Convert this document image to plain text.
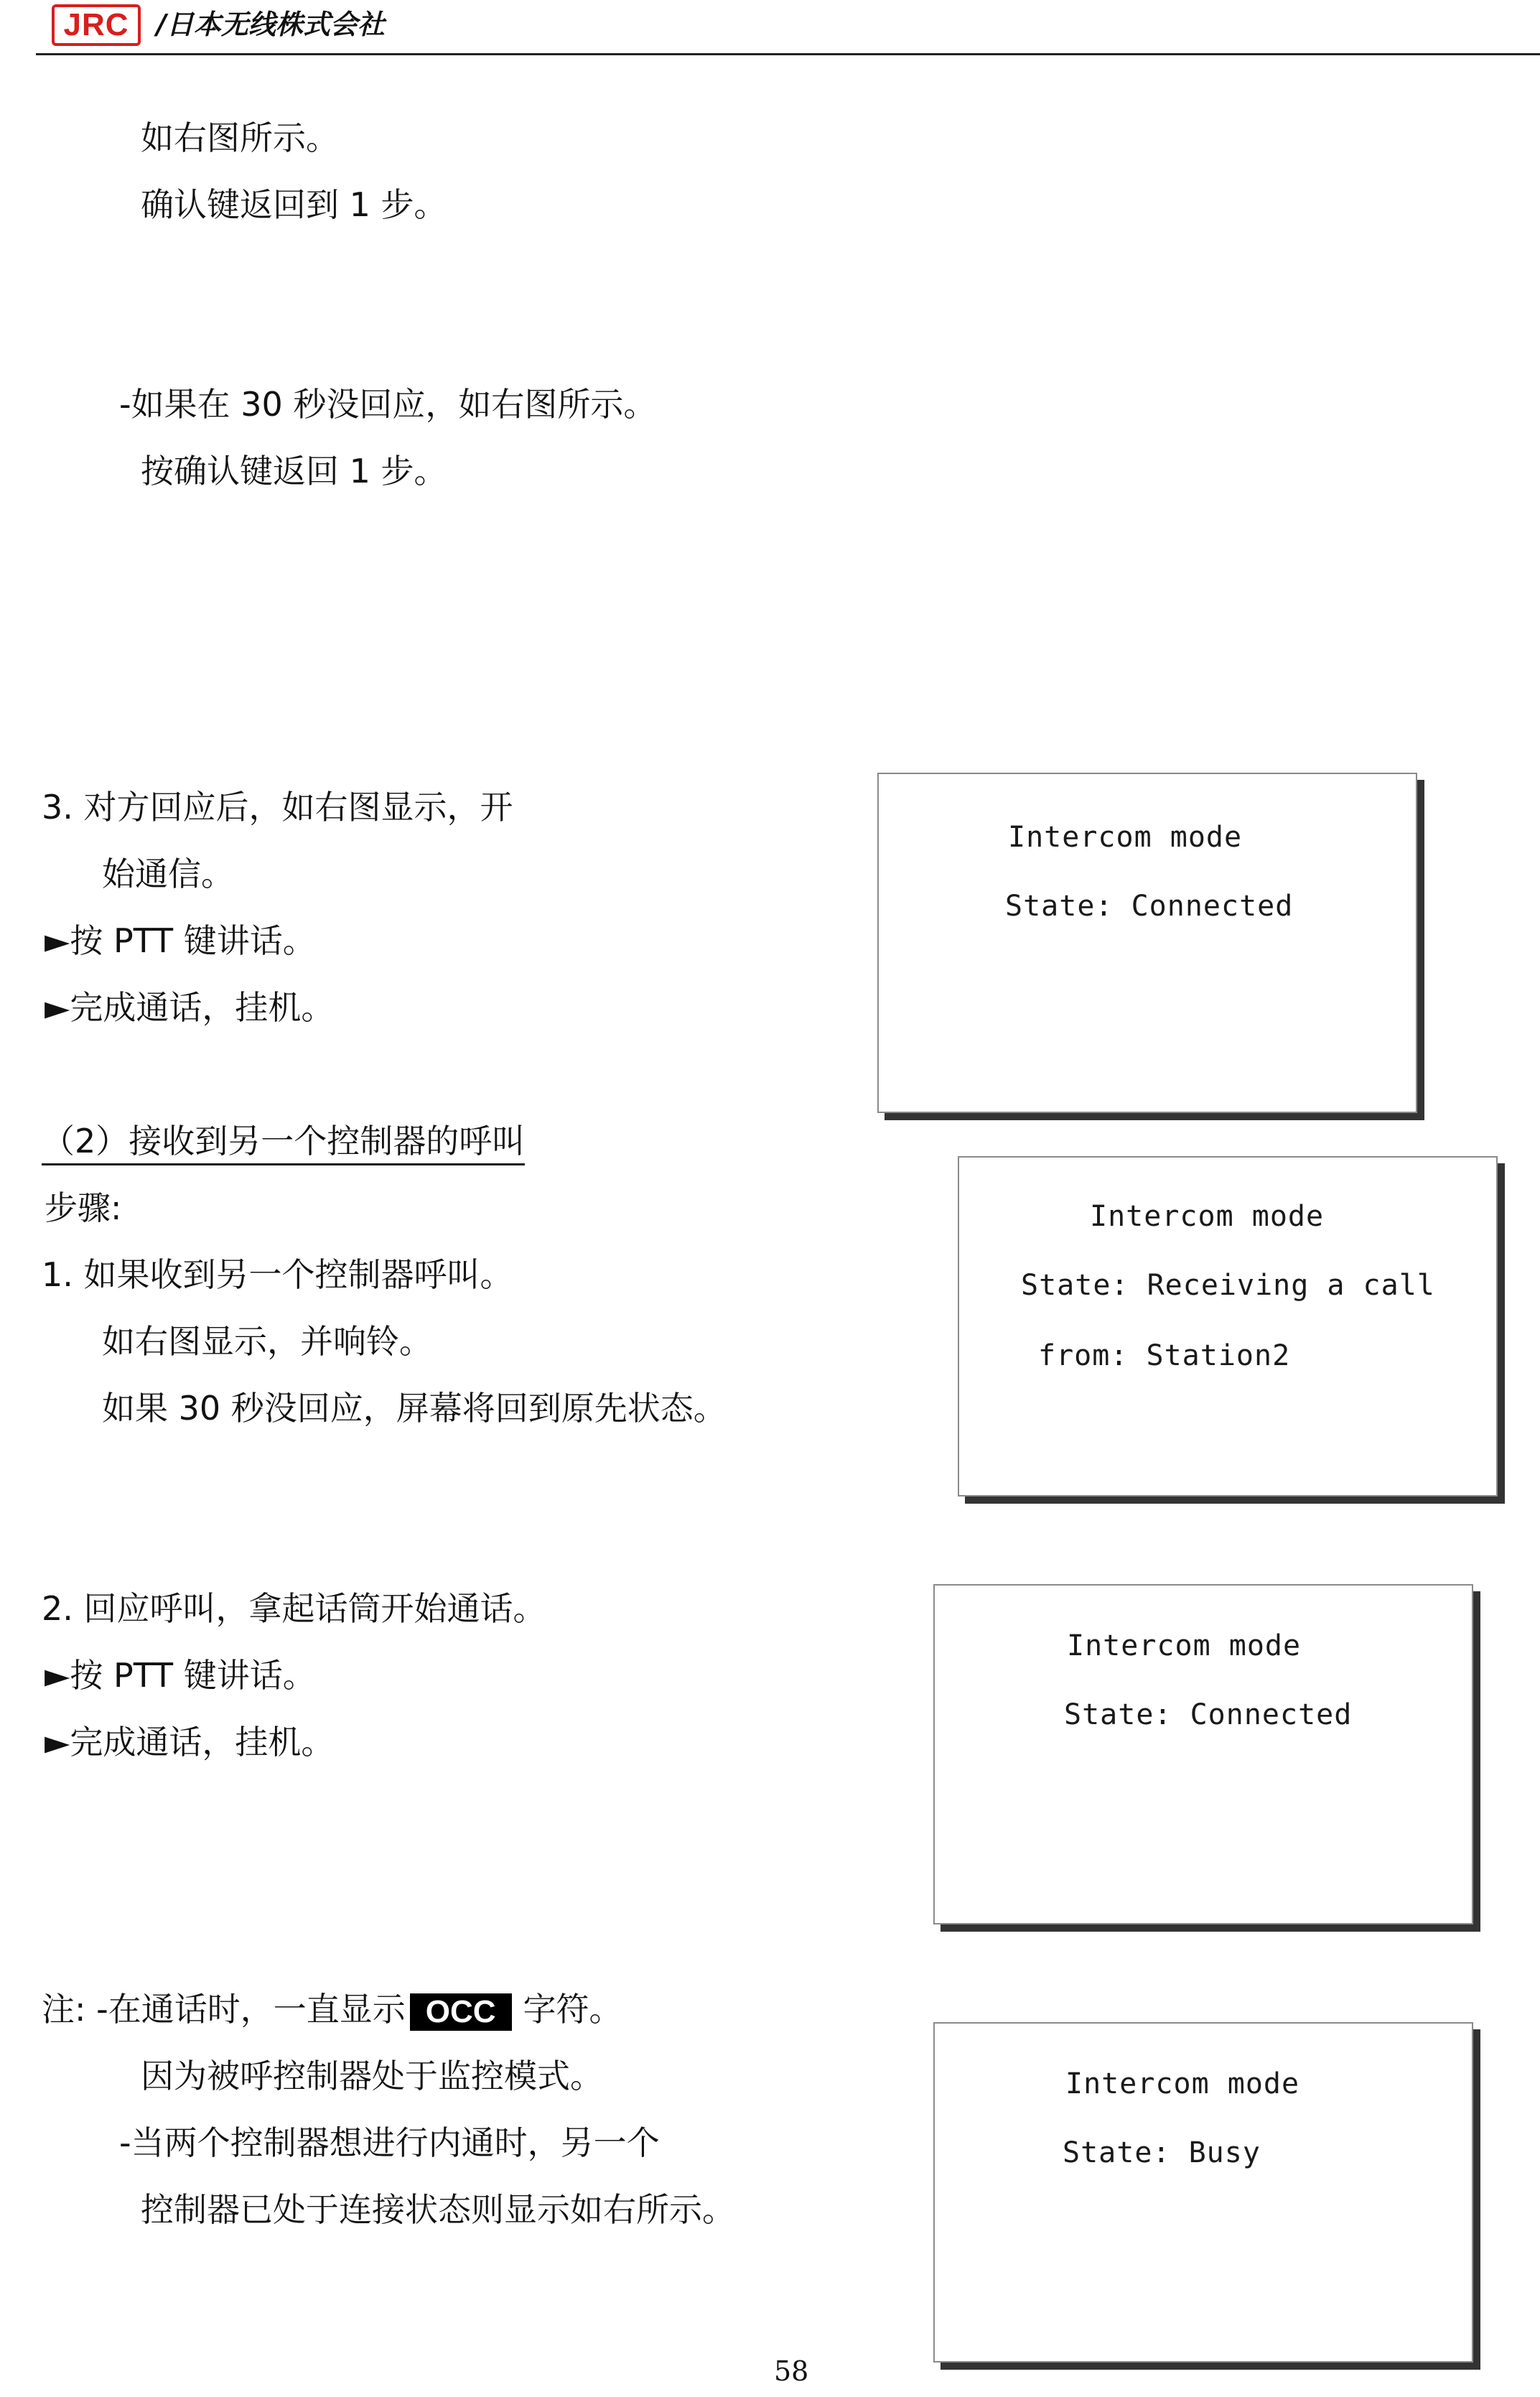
JRC	/日本无线株式会社
如右图所示。
确认键返回到 1 步。
-如果在 30 秒没回应，如右图所示。
按确认键返回 1 步。
3. 对方回应后，如右图显示，开
始通信。
►按 PTT 键讲话。
►完成通话，挂机。
（2）接收到另一个控制器的呼叫
步骤:
1. 如果收到另一个控制器呼叫。
如右图显示，并响铃。
如果 30 秒没回应，屏幕将回到原先状态。
2. 回应呼叫，拿起话筒开始通话。
►按 PTT 键讲话。
►完成通话，挂机。
注: -在通话时，一直显示 OCC 字符。
因为被呼控制器处于监控模式。
-当两个控制器想进行内通时，另一个
控制器已处于连接状态则显示如右所示。
Intercom mode
State: Connected
Intercom mode
State: Receiving a call
from: Station2
Intercom mode
State: Connected
Intercom mode
State: Busy
58
